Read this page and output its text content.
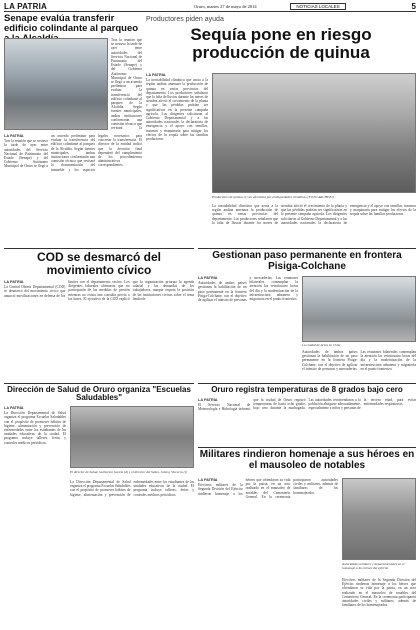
LA PATRIA	Oruro, martes 27 de mayo de 2014	NOTICIAS LOCALES	5
Senape evalúa transferir edificio colindante al parqueo
Tras la reunión que se sostuvo la tarde de ayer entre autoridades del Servicio Nacional de Patrimonio del Estado (Senape) y del Gobierno Autónomo Municipal de Oruro se llegó a un acuerdo preliminar para evaluar la transferencia del edificio colindante al parqueo de la Alcaldía. Según fuentes municipales, ambas instituciones conformarán una comisión técnica que revisará la
LA PATRIA
Tras la reunión que se sostuvo la tarde de ayer entre autoridades del Servicio Nacional de Patrimonio del Estado (Senape) y del Gobierno Autónomo Municipal de Oruro se llegó a un acuerdo preliminar para evaluar la transferencia del edificio colindante al parqueo de la Alcaldía. Según fuentes municipales, ambas instituciones conformarán una comisión técnica que revisará la documentación del inmueble y los aspectos legales necesarios para concretar la transferencia. El director de la entidad indicó que la decisión final dependerá del cumplimiento de los procedimientos administrativos correspondientes.
Productores piden ayuda
Sequía pone en riesgo producción de quinua
LA PATRIA
La inestabilidad climática que azota a la región andina amenaza la producción de quinua en varias provincias del departamento. Los productores señalaron que la falta de lluvias durante los meses de siembra afectó el crecimiento de la planta y que las pérdidas podrían ser significativas en la presente campaña agrícola. Los dirigentes solicitaron al Gobierno Departamental y a las autoridades nacionales la declaratoria de emergencia y el apoyo con semillas, insumos y maquinaria para mitigar los efectos de la sequía sobre las familias productoras.
Productores de quinua se ven afectados por ambiguedades climáticas (FOTO ARCHIVO)
La inestabilidad climática que azota a la región andina amenaza la producción de quinua en varias provincias del departamento. Los productores señalaron que la falta de lluvias durante los meses de siembra afectó el crecimiento de la planta y que las pérdidas podrían ser significativas en la presente campaña agrícola. Los dirigentes solicitaron al Gobierno Departamental y a las autoridades nacionales la declaratoria de emergencia y el apoyo con semillas, insumos y maquinaria para mitigar los efectos de la sequía sobre las familias productoras.
COD se desmarcó del movimiento cívico
LA PATRIA
La Central Obrera Departamental (COD) se desmarcó del movimiento cívico que anunció movilizaciones en defensa de los límites con el departamento vecino. Los dirigentes laborales afirmaron que no participarán de las medidas de presión mientras no exista una consulta previa a las bases. El ejecutivo de la COD explicó que la organización prioriza la agenda salarial y las demandas de los trabajadores, aunque respeta la posición de las instituciones cívicas sobre el tema limítrofe.
Gestionan paso permanente en frontera Pisiga-Colchane
LA PATRIA
Autoridades de ambos países gestionan la habilitación de un paso permanente en la frontera Pisiga-Colchane, con el objetivo de agilizar el tránsito de personas y mercaderías. Las reuniones bilaterales contemplan la atención las veinticuatro horas del día y la modernización de la infraestructura aduanera y migratoria en el punto fronterizo.
La ciudad de Arica en Chile
Autoridades de ambos países gestionan la habilitación de un paso permanente en la frontera Pisiga-Colchane, con el objetivo de agilizar el tránsito de personas y mercaderías. Las reuniones bilaterales contemplan la atención las veinticuatro horas del día y la modernización de la infraestructura aduanera y migratoria en el punto fronterizo.
Dirección de Salud de Oruro organiza "Escuelas Saludables"
LA PATRIA
La Dirección Departamental de Salud organiza el programa Escuelas Saludables con el propósito de promover hábitos de higiene, alimentación y prevención de enfermedades entre los estudiantes de las unidades educativas de la ciudad. El programa incluye talleres, ferias y controles médicos periódicos.
El director de Salud, Guillermo García (d) y el director del Sedes, Johnny Viscarra (i)
La Dirección Departamental de Salud organiza el programa Escuelas Saludables con el propósito de promover hábitos de higiene, alimentación y prevención de enfermedades entre los estudiantes de las unidades educativas de la ciudad. El programa incluye talleres, ferias y controles médicos periódicos.
Oruro registra temperaturas de 8 grados bajo cero
LA PATRIA
El Servicio Nacional de Meteorología e Hidrología informó que la ciudad de Oruro registró temperaturas de hasta ocho grados bajo cero durante la madrugada. Las autoridades recomendaron a la población abrigarse adecuadamente, especialmente a niños y personas de la tercera edad, para evitar enfermedades respiratorias.
Militares rindieron homenaje a sus héroes en el mausoleo de notables
LA PATRIA
Efectivos militares de la Segunda División del Ejército rindieron homenaje a los héroes que ofrendaron su vida por la patria, en un acto realizado en el mausoleo de notables del Cementerio General. En la ceremonia participaron autoridades civiles y militares, además de familiares de los homenajeados.
Autoridades militares y departamentales en el homenaje a los héroes del ejército
Efectivos militares de la Segunda División del Ejército rindieron homenaje a los héroes que ofrendaron su vida por la patria, en un acto realizado en el mausoleo de notables del Cementerio General. En la ceremonia participaron autoridades civiles y militares, además de familiares de los homenajeados.
